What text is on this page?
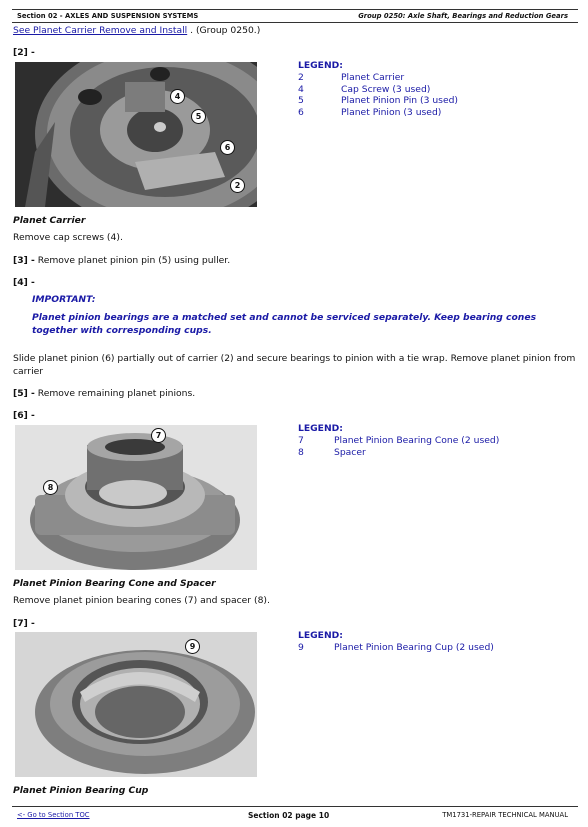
Section 02 - AXLES AND SUSPENSION SYSTEMS	Group 0250: Axle Shaft, Bearings and Reduction Gears
See Planet Carrier Remove and Install . (Group 0250.)
[2] -
4
5
6
2
LEGEND:
2	Planet Carrier
4	Cap Screw (3 used)
5	Planet Pinion Pin (3 used)
6	Planet Pinion (3 used)
Planet Carrier
Remove cap screws (4).
[3] - Remove planet pinion pin (5) using puller.
[4] -
IMPORTANT:
Planet pinion bearings are a matched set and cannot be serviced separately. Keep bearing cones
together with corresponding cups.
Slide planet pinion (6) partially out of carrier (2) and secure bearings to pinion with a tie wrap. Remove planet pinion from
carrier
[5] - Remove remaining planet pinions.
[6] -
7
8
LEGEND:
7	Planet Pinion Bearing Cone (2 used)
8	Spacer
Planet Pinion Bearing Cone and Spacer
Remove planet pinion bearing cones (7) and spacer (8).
[7] -
9
LEGEND:
9	Planet Pinion Bearing Cup (2 used)
Planet Pinion Bearing Cup
<- Go to Section TOC	Section 02 page 10	TM1731-REPAIR TECHNICAL MANUAL
